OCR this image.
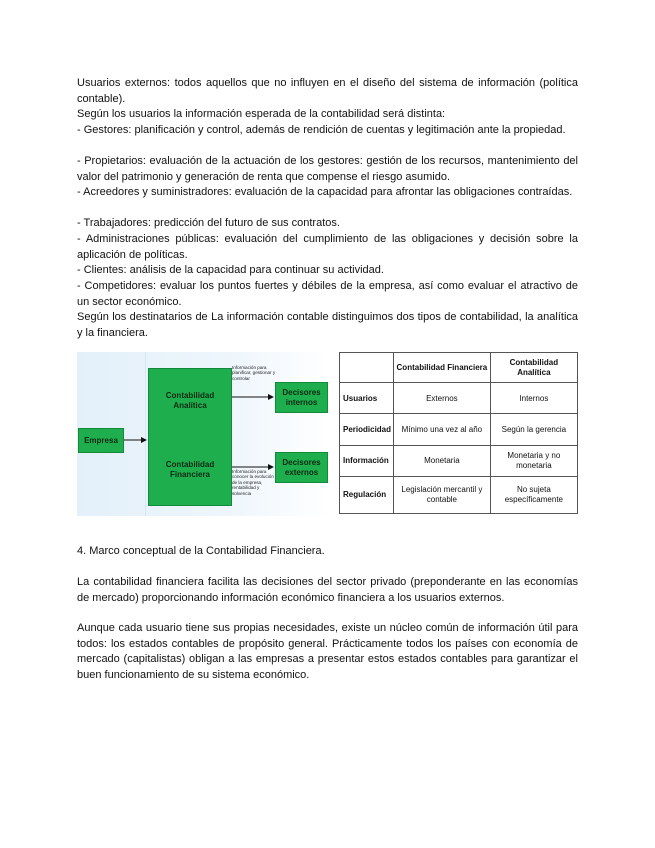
Usuarios externos: todos aquellos que no influyen en el diseño del sistema de información (política contable).

Según los usuarios la información esperada de la contabilidad será distinta:

- Gestores: planificación y control, además de rendición de cuentas y legitimación ante la propiedad.

- Propietarios: evaluación de la actuación de los gestores: gestión de los recursos, mantenimiento del valor del patrimonio y generación de renta que compense el riesgo asumido.

- Acreedores y suministradores: evaluación de la capacidad para afrontar las obligaciones contraídas.

- Trabajadores: predicción del futuro de sus contratos.

- Administraciones públicas: evaluación del cumplimiento de las obligaciones y decisión sobre la aplicación de políticas.

- Clientes: análisis de la capacidad para continuar su actividad.

- Competidores: evaluar los puntos fuertes y débiles de la empresa, así como evaluar el atractivo de un sector económico.

Según los destinatarios de La información contable distinguimos dos tipos de contabilidad, la analítica y la financiera.

Empresa
Contabilidad Analítica
Contabilidad Financiera
Información para planificar, gestionar y controlar
Información para conocer la evolución de la empresa, rentabilidad y solvencia
Decisores internos
Decisores externos
	Contabilidad Financiera	Contabilidad Analítica
Usuarios	Externos	Internos
Periodicidad	Mínimo una vez al año	Según la gerencia
Información	Monetaria	Monetaria y no monetaria
Regulación	Legislación mercantil y contable	No sujeta específicamente

4. Marco conceptual de la Contabilidad Financiera.

La contabilidad financiera facilita las decisiones del sector privado (preponderante en las economías de mercado) proporcionando información económico financiera a los usuarios externos.

Aunque cada usuario tiene sus propias necesidades, existe un núcleo común de información útil para todos: los estados contables de propósito general. Prácticamente todos los países con economía de mercado (capitalistas) obligan a las empresas a presentar estos estados contables para garantizar el buen funcionamiento de su sistema económico.
